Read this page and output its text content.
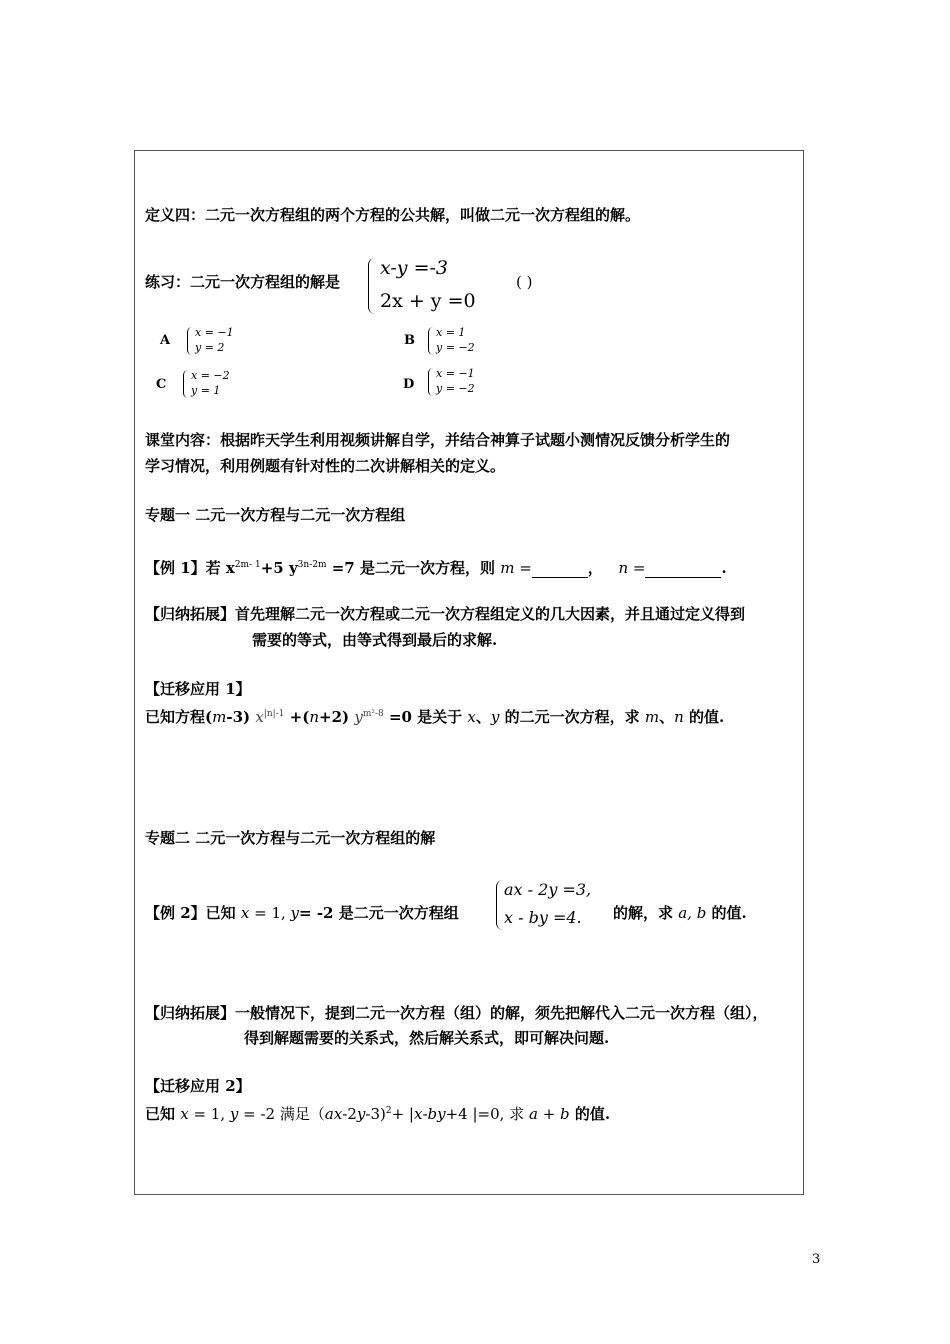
定义四：二元一次方程组的两个方程的公共解，叫做二元一次方程组的解。
练习：二元一次方程组的解是
x-y =-3
2x + y =0
( )
A
x = −1
y = 2	B
x = 1
y = −2
C
x = −2
y = 1	D
x = −1
y = −2
课堂内容：根据昨天学生利用视频讲解自学，并结合神算子试题小测情况反馈分析学生的
学习情况，利用例题有针对性的二次讲解相关的定义。
专题一 二元一次方程与二元一次方程组
【例 1】若 $x^{2m- 1}+5$ $y^{3n-2m} =7$ 是二元一次方程，则 m =	， n =	.
【归纳拓展】首先理解二元一次方程或二元一次方程组定义的几大因素，并且通过定义得到
需要的等式，由等式得到最后的求解.
【迁移应用 1】
已知方程(m-3) $x^{|n|-1} +(n+2)$ $y^{m^2-8} =0$ 是关于 x、y 的二元一次方程，求 m、n 的值.
专题二 二元一次方程与二元一次方程组的解
【例 2】已知 x = 1, y= -2 是二元一次方程组
ax - 2y =3,
x - by =4. 的解，求 a, b 的值.
【归纳拓展】一般情况下，提到二元一次方程（组）的解，须先把解代入二元一次方程（组），
得到解题需要的关系式，然后解关系式，即可解决问题.
【迁移应用 2】
已知 x = 1, y = -2 满足（ax-2y-3)$^2$+ |x-by+4 |=0, 求 a + b 的值.
3
